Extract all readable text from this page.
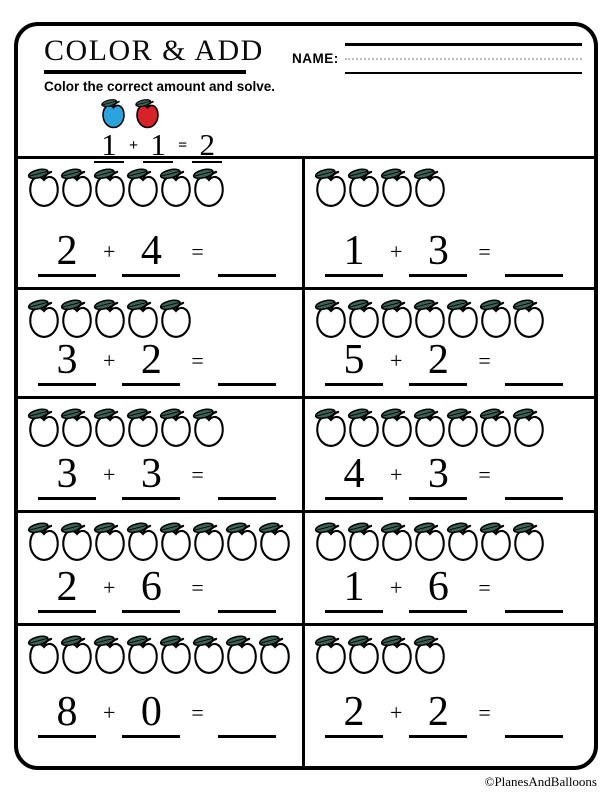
COLOR & ADD
Color the correct amount and solve.
1 + 1 = 2
NAME:
2	+ 4	=	1	+ 3	=
3	+ 2	=	5	+ 2	=
3	+ 3	=	4	+ 3	=
2	+ 6	=	1	+ 6	=
8	+ 0	=	2	+ 2	=
©PlanesAndBalloons
